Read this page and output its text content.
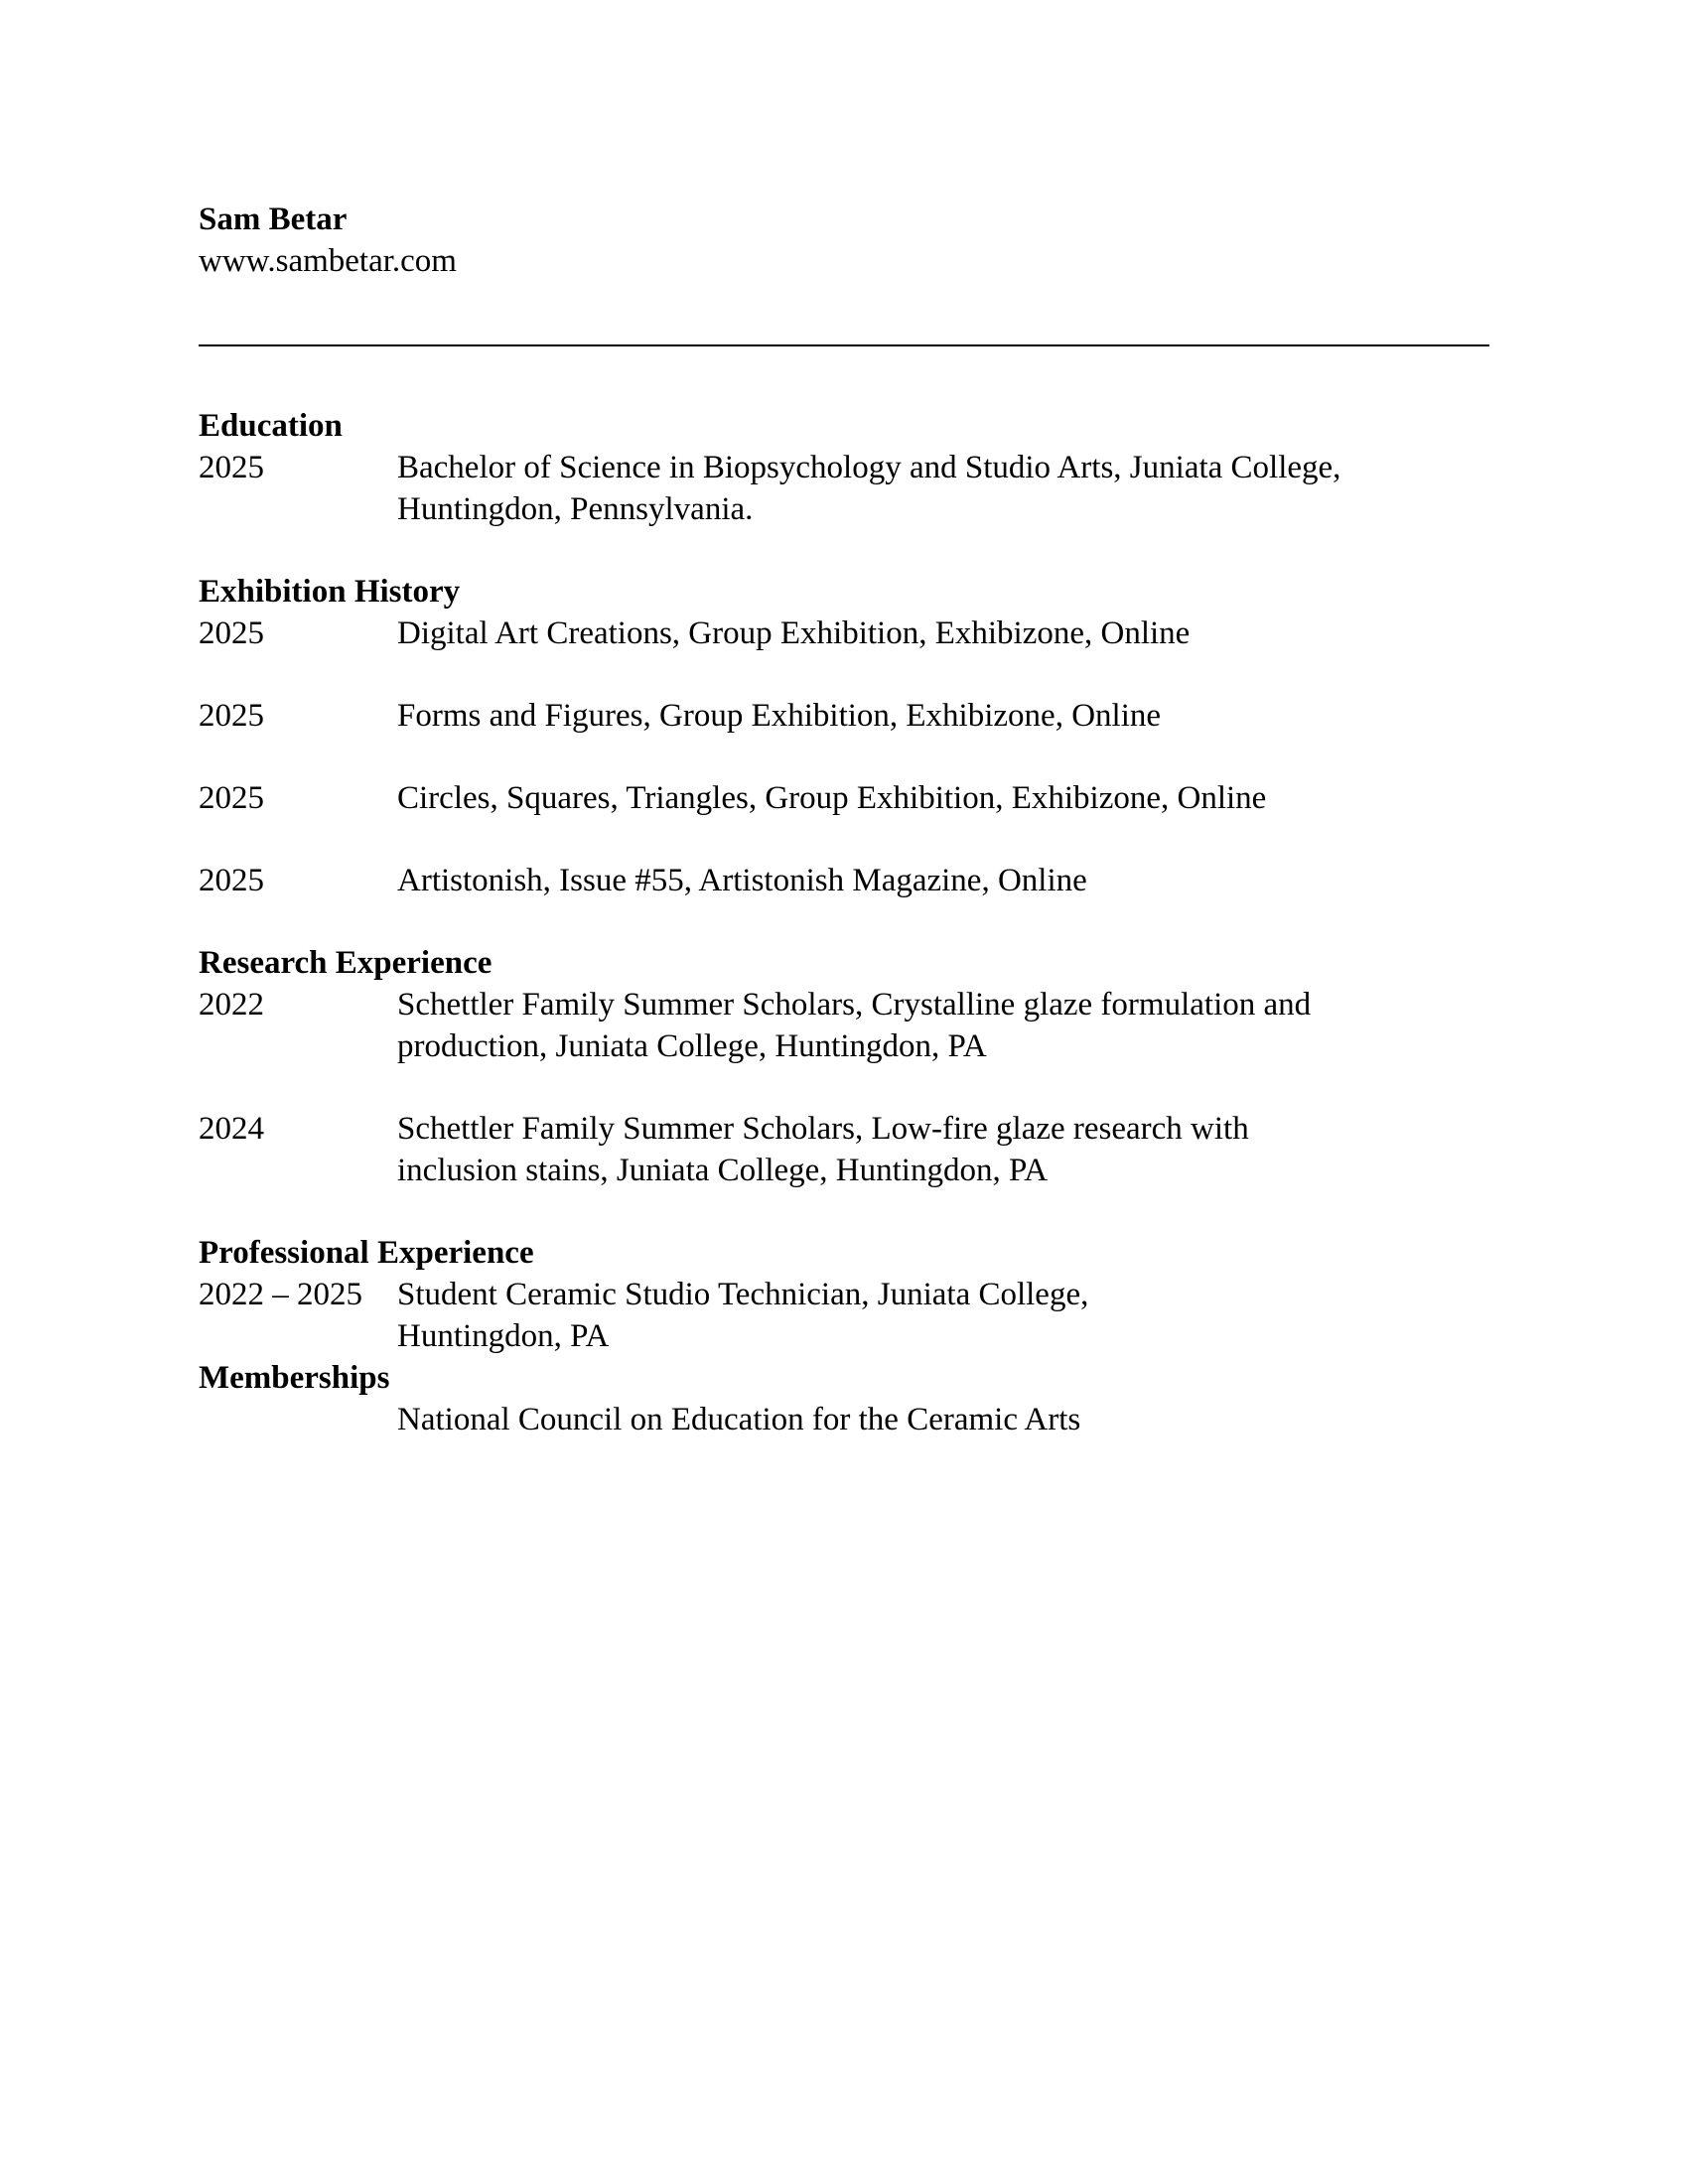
Sam Betar
www.sambetar.com
Education
2025	Bachelor of Science in Biopsychology and Studio Arts, Juniata College,
Huntingdon, Pennsylvania.
Exhibition History
2025	Digital Art Creations, Group Exhibition, Exhibizone, Online
2025	Forms and Figures, Group Exhibition, Exhibizone, Online
2025	Circles, Squares, Triangles, Group Exhibition, Exhibizone, Online
2025	Artistonish, Issue #55, Artistonish Magazine, Online
Research Experience
2022	Schettler Family Summer Scholars, Crystalline glaze formulation and
production, Juniata College, Huntingdon, PA
2024	Schettler Family Summer Scholars, Low-fire glaze research with
inclusion stains, Juniata College, Huntingdon, PA
Professional Experience
2022 – 2025	Student Ceramic Studio Technician, Juniata College,
Huntingdon, PA
Memberships
National Council on Education for the Ceramic Arts
